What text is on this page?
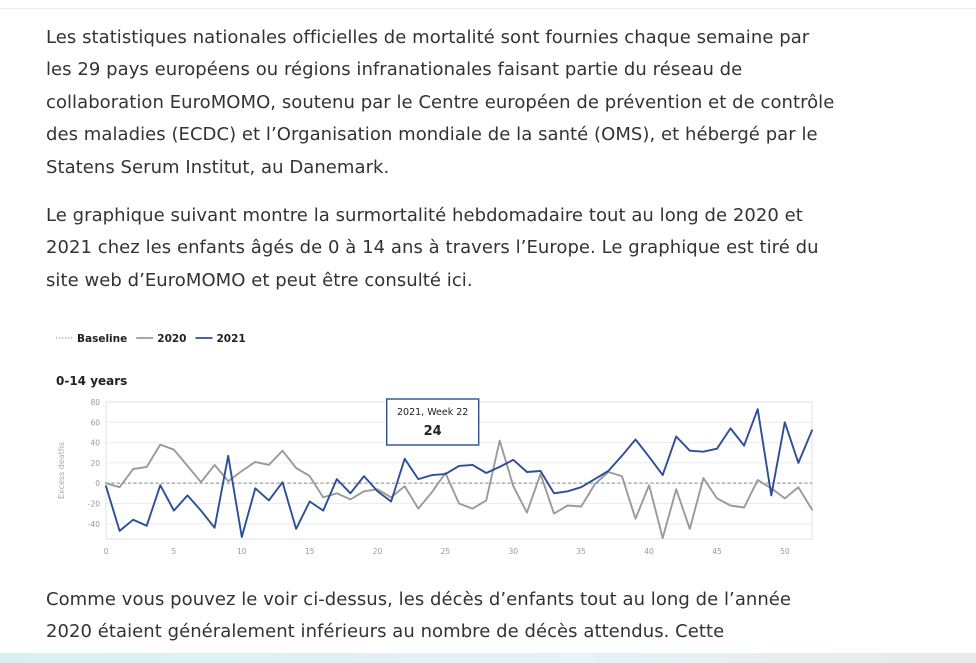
Les statistiques nationales officielles de mortalité sont fournies chaque semaine par les 29 pays européens ou régions infranationales faisant partie du réseau de collaboration EuroMOMO, soutenu par le Centre européen de prévention et de contrôle des maladies (ECDC) et l’Organisation mondiale de la santé (OMS), et hébergé par le Statens Serum Institut, au Danemark.

Le graphique suivant montre la surmortalité hebdomadaire tout au long de 2020 et 2021 chez les enfants âgés de 0 à 14 ans à travers l’Europe. Le graphique est tiré du site web d’EuroMOMO et peut être consulté ici.

Baseline	2020	2021
0-14 years
-40
-20
0
20
40
60
80
0	5	10	15	20	25	30	35	40	45	50
Excess deaths
2021, Week 22
24

Comme vous pouvez le voir ci-dessus, les décès d’enfants tout au long de l’année 2020 étaient généralement inférieurs au nombre de décès attendus. Cette
